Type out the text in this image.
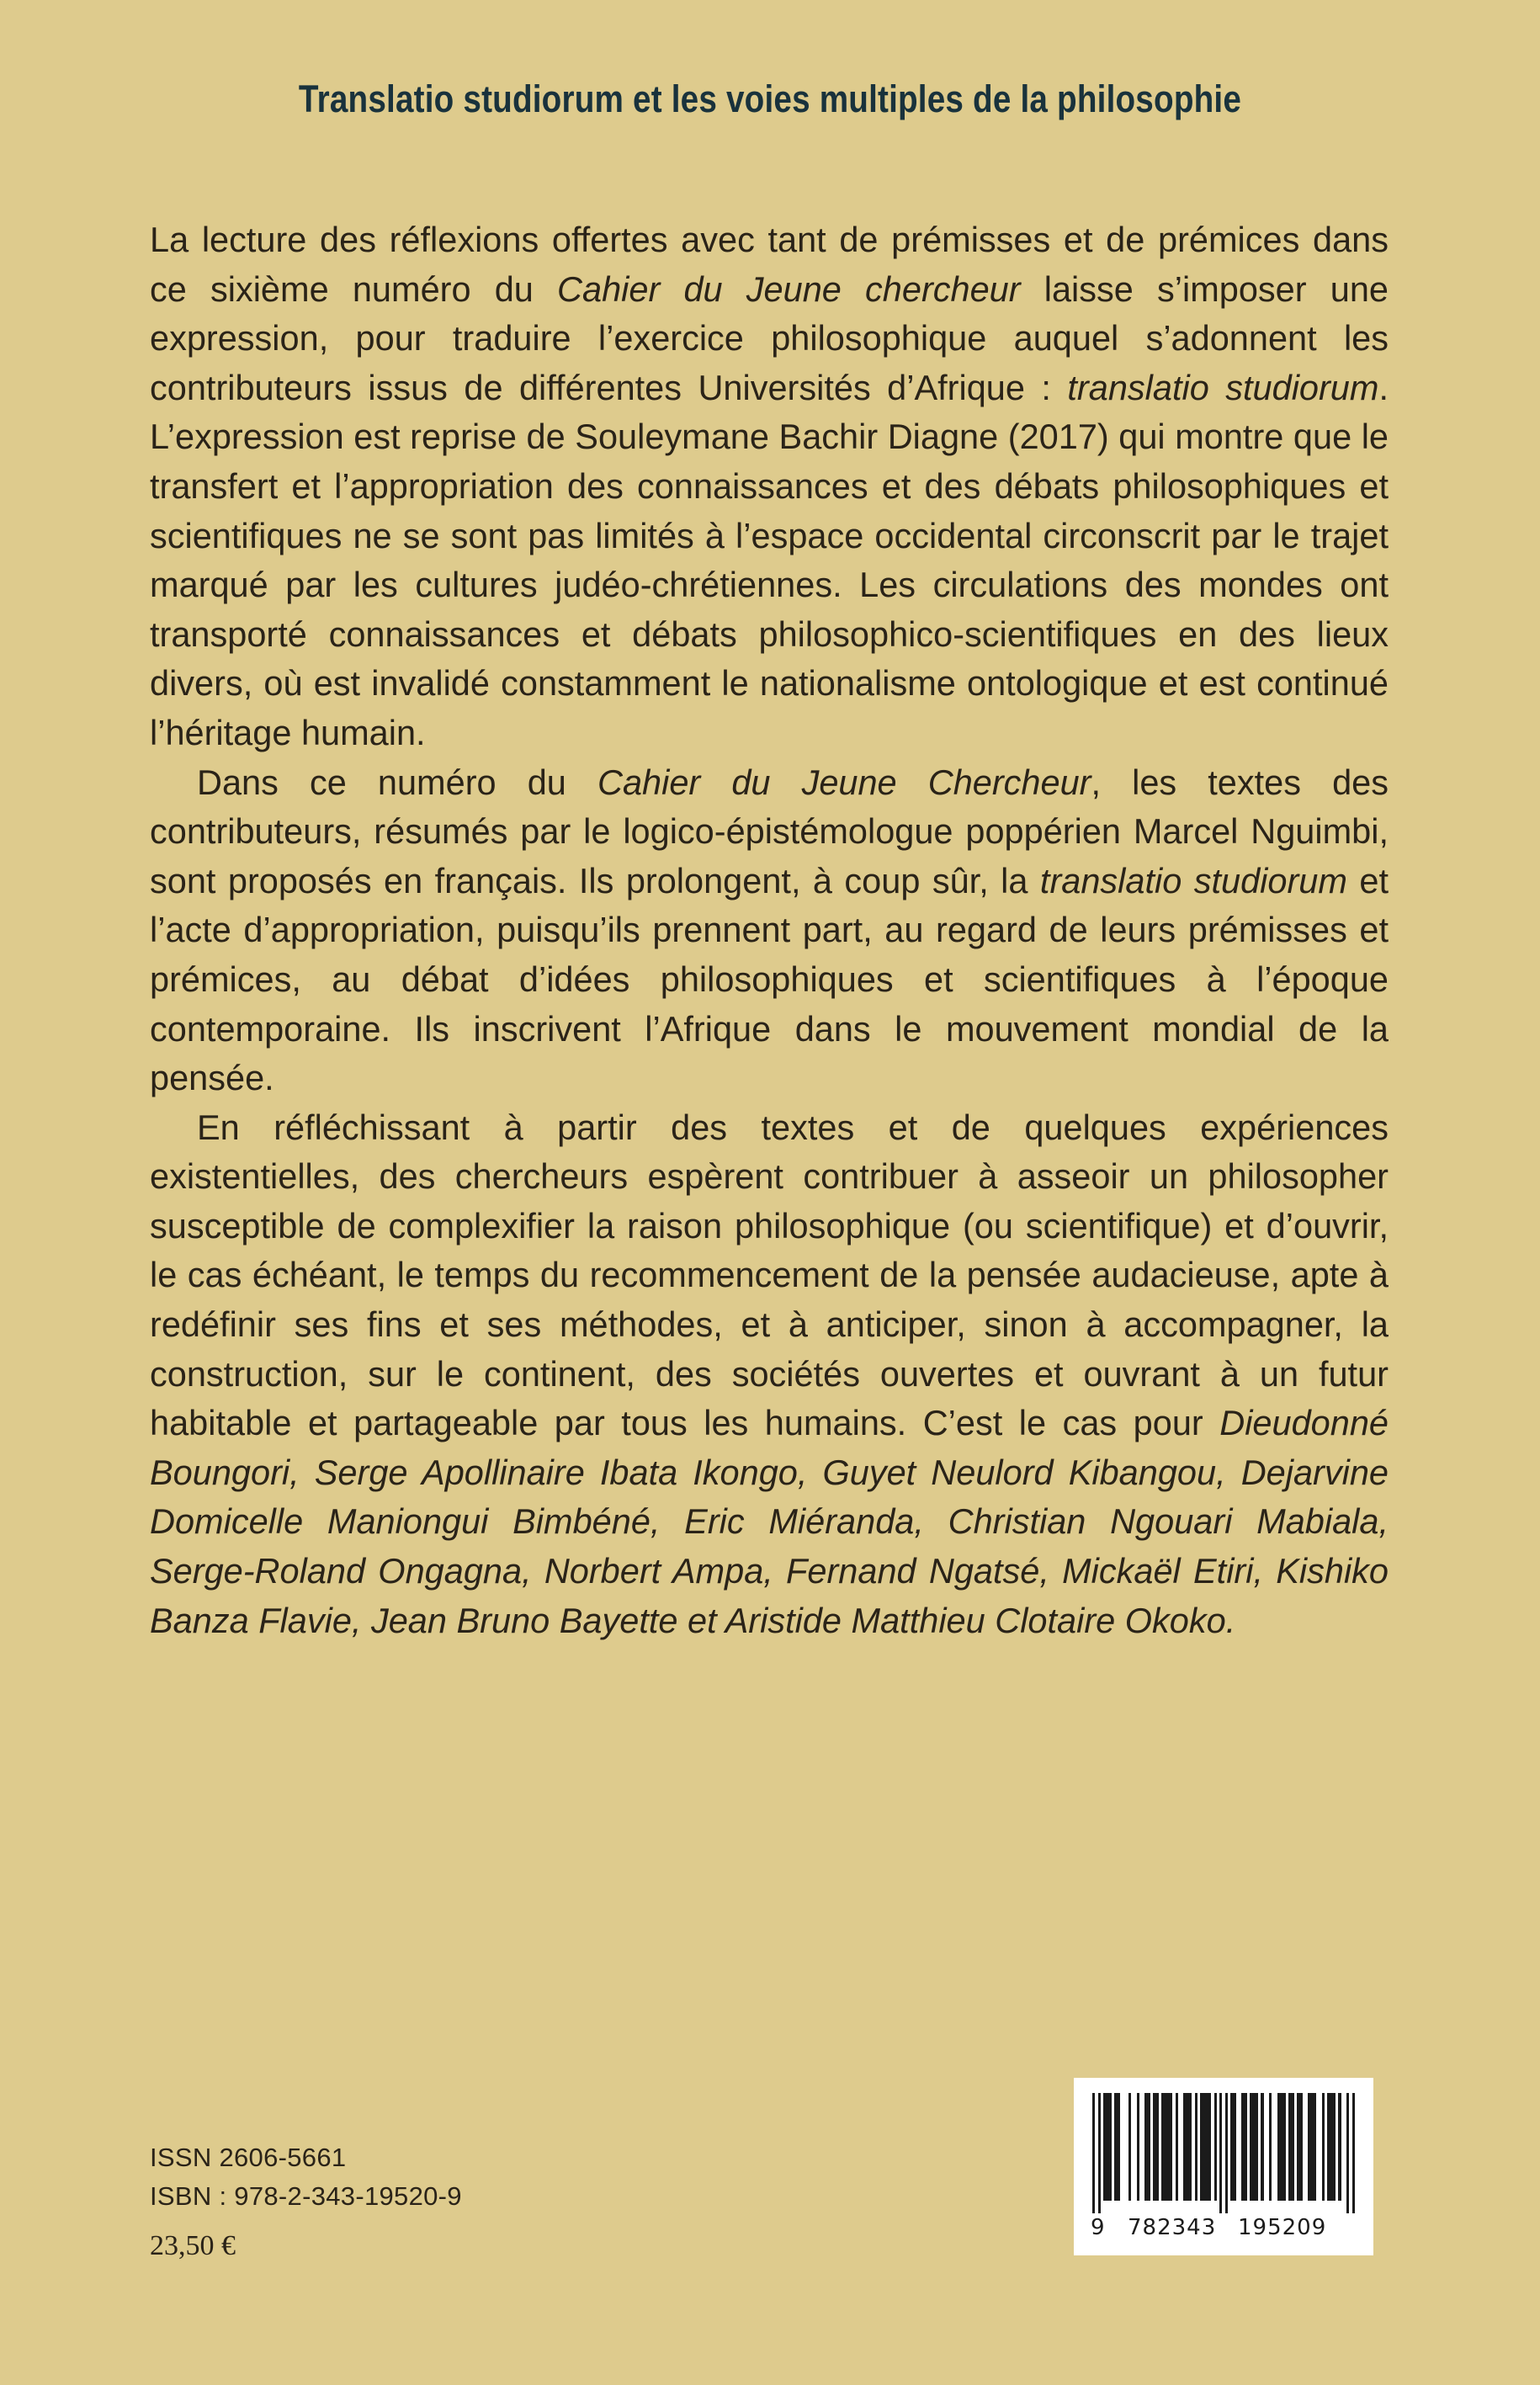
Translatio studiorum et les voies multiples de la philosophie

La lecture des réflexions offertes avec tant de prémisses et de prémices dans ce sixième numéro du Cahier du Jeune chercheur laisse s’imposer une expression, pour traduire l’exercice philosophique auquel s’adonnent les contributeurs issus de différentes Universités d’Afrique : translatio studiorum. L’expression est reprise de Souleymane Bachir Diagne (2017) qui montre que le transfert et l’appropriation des connaissances et des débats philosophiques et scientifiques ne se sont pas limités à l’espace occidental circonscrit par le trajet marqué par les cultures judéo-chrétiennes. Les circulations des mondes ont transporté connaissances et débats philosophico-scientifiques en des lieux divers, où est invalidé constamment le nationalisme ontologique et est continué l’héritage humain.

Dans ce numéro du Cahier du Jeune Chercheur, les textes des contributeurs, résumés par le logico-épistémologue poppérien Marcel Nguimbi, sont proposés en français. Ils prolongent, à coup sûr, la translatio studiorum et l’acte d’appropriation, puisqu’ils prennent part, au regard de leurs prémisses et prémices, au débat d’idées philosophiques et scientifiques à l’époque contemporaine. Ils inscrivent l’Afrique dans le mouvement mondial de la pensée.

En réfléchissant à partir des textes et de quelques expériences existentielles, des chercheurs espèrent contribuer à asseoir un philosopher susceptible de complexifier la raison philosophique (ou scientifique) et d’ouvrir, le cas échéant, le temps du recommencement de la pensée audacieuse, apte à redéfinir ses fins et ses méthodes, et à anticiper, sinon à accompagner, la construction, sur le continent, des sociétés ouvertes et ouvrant à un futur habitable et partageable par tous les humains. C’est le cas pour Dieudonné Boungori, Serge Apollinaire Ibata Ikongo, Guyet Neulord Kibangou, Dejarvine Domicelle Maniongui Bimbéné, Eric Miéranda, Christian Ngouari Mabiala, Serge-Roland Ongagna, Norbert Ampa, Fernand Ngatsé, Mickaël Etiri, Kishiko Banza Flavie, Jean Bruno Bayette et Aristide Matthieu Clotaire Okoko.

ISSN 2606-5661
ISBN : 978-2-343-19520-9
23,50 €
9 782343 195209
